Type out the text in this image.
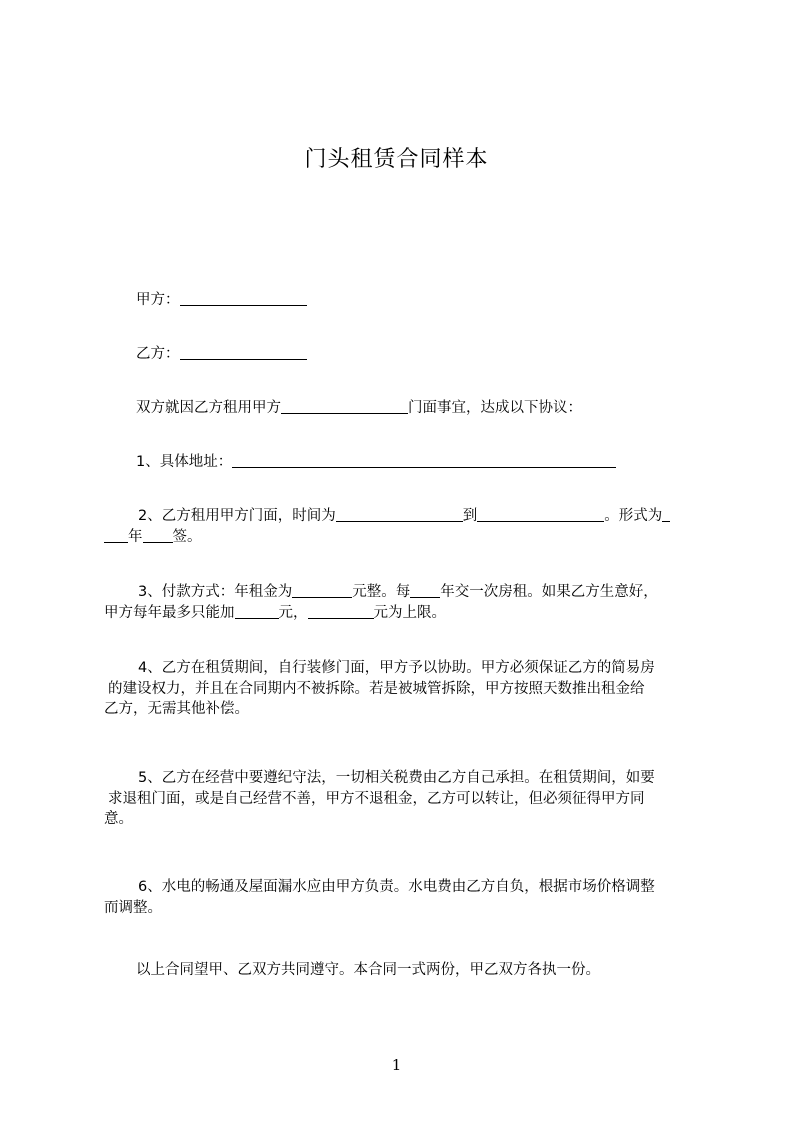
门头租赁合同样本
甲方：
乙方：
双方就因乙方租用甲方	门面事宜，达成以下协议：
1、具体地址：
2、乙方租用甲方门面，时间为	到	。形式为
年 签。
3、付款方式：年租金为	元整。每 年交一次房租。如果乙方生意好，
甲方每年最多只能加	元，	元为上限。
4、乙方在租赁期间，自行装修门面，甲方予以协助。甲方必须保证乙方的简易房
的建设权力，并且在合同期内不被拆除。若是被城管拆除，甲方按照天数推出租金给
乙方，无需其他补偿。
5、乙方在经营中要遵纪守法，一切相关税费由乙方自己承担。在租赁期间，如要
求退租门面，或是自己经营不善，甲方不退租金，乙方可以转让，但必须征得甲方同
意。
6、水电的畅通及屋面漏水应由甲方负责。水电费由乙方自负，根据市场价格调整
而调整。
以上合同望甲、乙双方共同遵守。本合同一式两份，甲乙双方各执一份。
1
